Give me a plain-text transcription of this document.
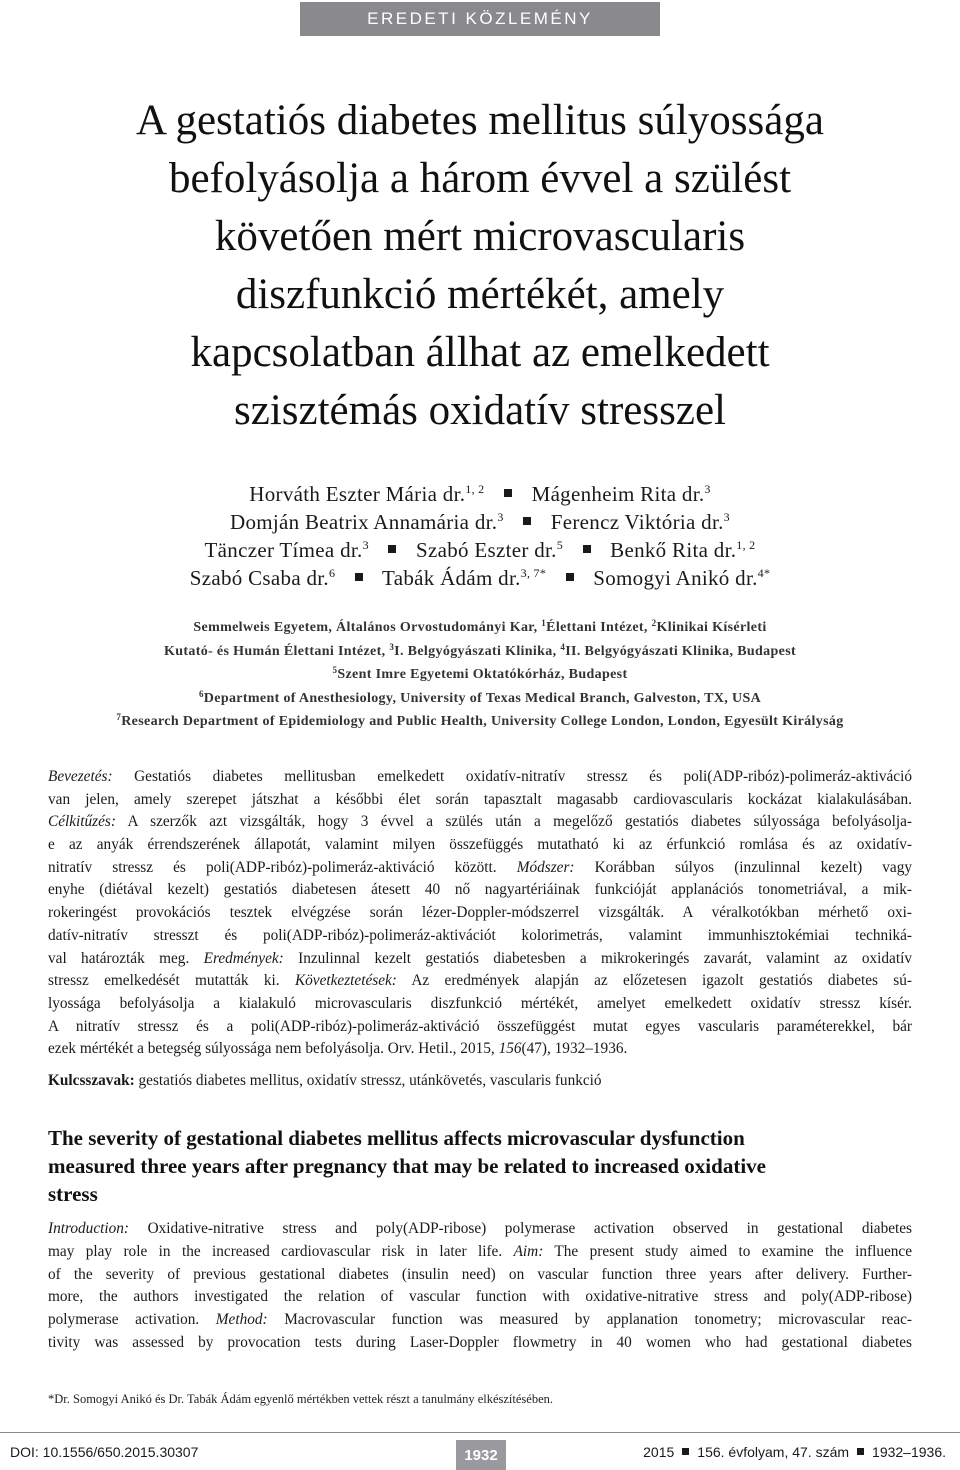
EREDETI KÖZLEMÉNY
A gestatiós diabetes mellitus súlyossága
befolyásolja a három évvel a szülést
követően mért microvascularis
diszfunkció mértékét, amely
kapcsolatban állhat az emelkedett
szisztémás oxidatív stresszel
Horváth Eszter Mária dr.$^{1, 2}$ Mágenheim Rita dr.$^3$
Domján Beatrix Annamária dr.$^3$ Ferencz Viktória dr.$^3$
Tänczer Tímea dr.$^3$ Szabó Eszter dr.$^5$ Benkő Rita dr.$^{1, 2}$
Szabó Csaba dr.$^6$ Tabák Ádám dr.$^{3, 7*}$ Somogyi Anikó dr.$^{4*}$
Semmelweis Egyetem, Általános Orvostudományi Kar, $^1$Élettani Intézet, $^2$Klinikai Kísérleti
Kutató- és Humán Élettani Intézet, $^3$I. Belgyógyászati Klinika, $^4$II. Belgyógyászati Klinika, Budapest
$^5$Szent Imre Egyetemi Oktatókórház, Budapest
$^6$Department of Anesthesiology, University of Texas Medical Branch, Galveston, TX, USA
$^7$Research Department of Epidemiology and Public Health, University College London, London, Egyesült Királyság
Bevezetés: Gestatiós diabetes mellitusban emelkedett oxidatív-nitratív stressz és poli(ADP-ribóz)-polimeráz-aktiváció
van jelen, amely szerepet játszhat a későbbi élet során tapasztalt magasabb cardiovascularis kockázat kialakulásában.
Célkitűzés: A szerzők azt vizsgálták, hogy 3 évvel a szülés után a megelőző gestatiós diabetes súlyossága befolyásolja-
e az anyák érrendszerének állapotát, valamint milyen összefüggés mutatható ki az érfunkció romlása és az oxidatív-
nitratív stressz és poli(ADP-ribóz)-polimeráz-aktiváció között. Módszer: Korábban súlyos (inzulinnal kezelt) vagy
enyhe (diétával kezelt) gestatiós diabetesen átesett 40 nő nagyartériáinak funkcióját applanációs tonometriával, a mik-
rokeringést provokációs tesztek elvégzése során lézer-Doppler-módszerrel vizsgálták. A véralkotókban mérhető oxi-
datív-nitratív stresszt és poli(ADP-ribóz)-polimeráz-aktivációt kolorimetrás, valamint immunhisztokémiai techniká-
val határozták meg. Eredmények: Inzulinnal kezelt gestatiós diabetesben a mikrokeringés zavarát, valamint az oxidatív
stressz emelkedését mutatták ki. Következtetések: Az eredmények alapján az előzetesen igazolt gestatiós diabetes sú-
lyossága befolyásolja a kialakuló microvascularis diszfunkció mértékét, amelyet emelkedett oxidatív stressz kísér.
A nitratív stressz és a poli(ADP-ribóz)-polimeráz-aktiváció összefüggést mutat egyes vascularis paraméterekkel, bár
ezek mértékét a betegség súlyossága nem befolyásolja. Orv. Hetil., 2015, 156(47), 1932–1936.
Kulcsszavak: gestatiós diabetes mellitus, oxidatív stressz, utánkövetés, vascularis funkció
The severity of gestational diabetes mellitus affects microvascular dysfunction
measured three years after pregnancy that may be related to increased oxidative
stress
Introduction: Oxidative-nitrative stress and poly(ADP-ribose) polymerase activation observed in gestational diabetes
may play role in the increased cardiovascular risk in later life. Aim: The present study aimed to examine the influence
of the severity of previous gestational diabetes (insulin need) on vascular function three years after delivery. Further-
more, the authors investigated the relation of vascular function with oxidative-nitrative stress and poly(ADP-ribose)
polymerase activation. Method: Macrovascular function was measured by applanation tonometry; microvascular reac-
tivity was assessed by provocation tests during Laser-Doppler flowmetry in 40 women who had gestational diabetes
*Dr. Somogyi Anikó és Dr. Tabák Ádám egyenlő mértékben vettek részt a tanulmány elkészítésében.
DOI: 10.1556/650.2015.30307	1932	2015 156. évfolyam, 47. szám 1932–1936.
